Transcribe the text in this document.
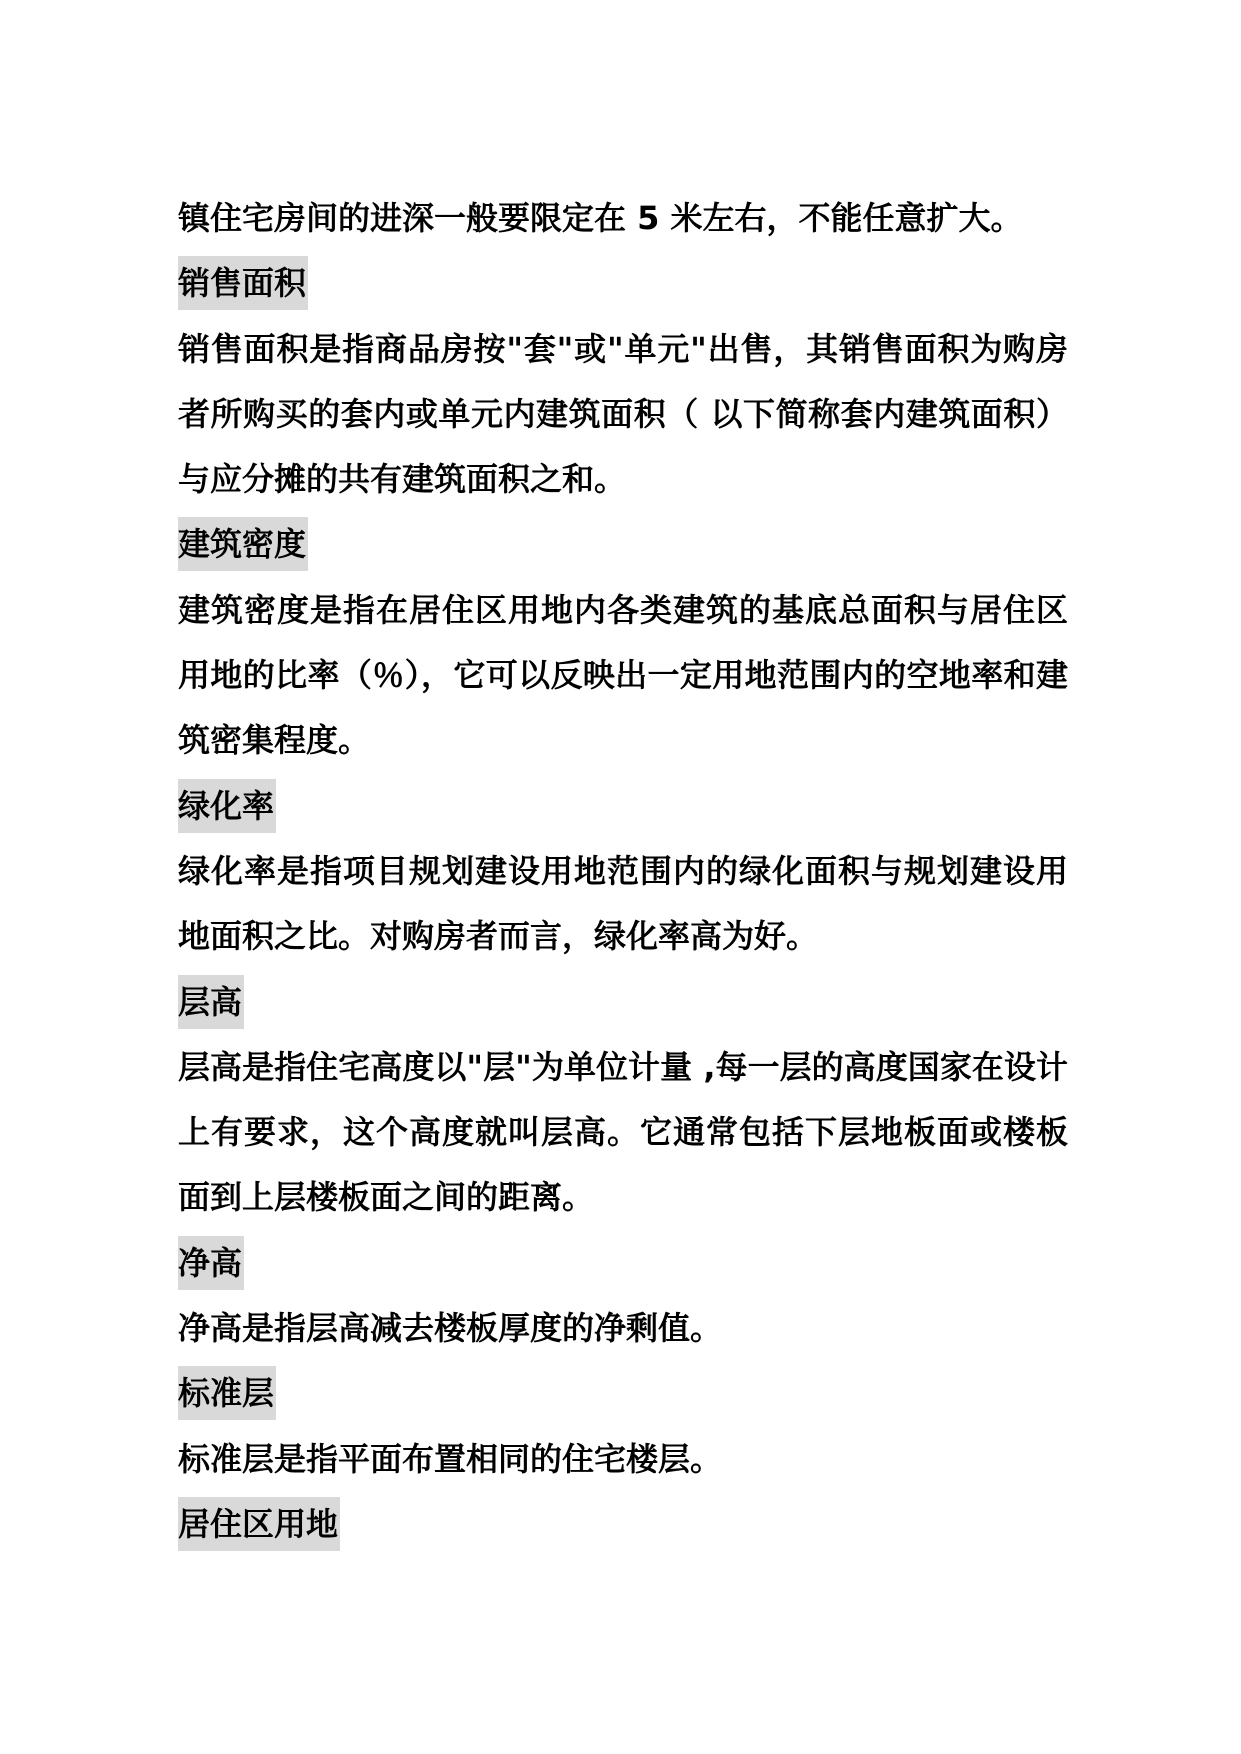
镇住宅房间的进深一般要限定在 5 米左右，不能任意扩大。

销售面积

销售面积是指商品房按"套"或"单元"出售，其销售面积为购房者所购买的套内或单元内建筑面积（ 以下简称套内建筑面积）与应分摊的共有建筑面积之和。

建筑密度

建筑密度是指在居住区用地内各类建筑的基底总面积与居住区用地的比率（％），它可以反映出一定用地范围内的空地率和建筑密集程度。

绿化率

绿化率是指项目规划建设用地范围内的绿化面积与规划建设用地面积之比。对购房者而言，绿化率高为好。

层高

层高是指住宅高度以"层"为单位计量 ,每一层的高度国家在设计上有要求，这个高度就叫层高。它通常包括下层地板面或楼板面到上层楼板面之间的距离。

净高

净高是指层高减去楼板厚度的净剩值。

标准层

标准层是指平面布置相同的住宅楼层。

居住区用地
